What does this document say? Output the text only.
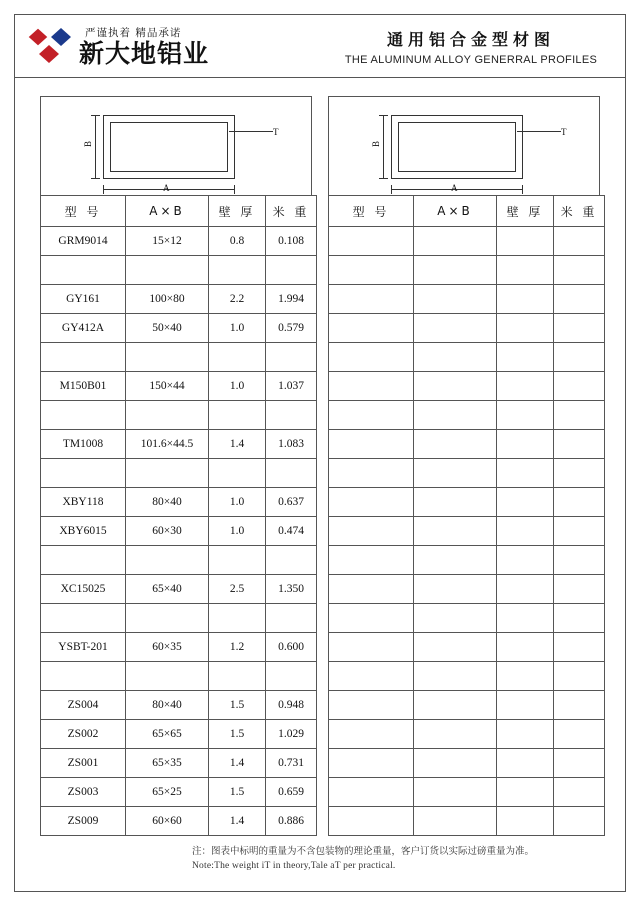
严谨执着 精品承诺
新大地铝业	通用铝合金型材图
THE ALUMINUM ALLOY GENERRAL PROFILES
B
A
T
型 号	A×B	壁 厚	米 重
GRM9014	15×12	0.8	0.108

GY161	100×80	2.2	1.994
GY412A	50×40	1.0	0.579

M150B01	150×44	1.0	1.037

TM1008	101.6×44.5	1.4	1.083

XBY118	80×40	1.0	0.637
XBY6015	60×30	1.0	0.474

XC15025	65×40	2.5	1.350

YSBT-201	60×35	1.2	0.600

ZS004	80×40	1.5	0.948
ZS002	65×65	1.5	1.029
ZS001	65×35	1.4	0.731
ZS003	65×25	1.5	0.659
ZS009	60×60	1.4	0.886
B
A
T
型 号	A×B	壁 厚	米 重

注：图表中标明的重量为不含包装物的理论重量，客户订货以实际过磅重量为准。
Note:The weight iT in theory,Tale aT per practical.
